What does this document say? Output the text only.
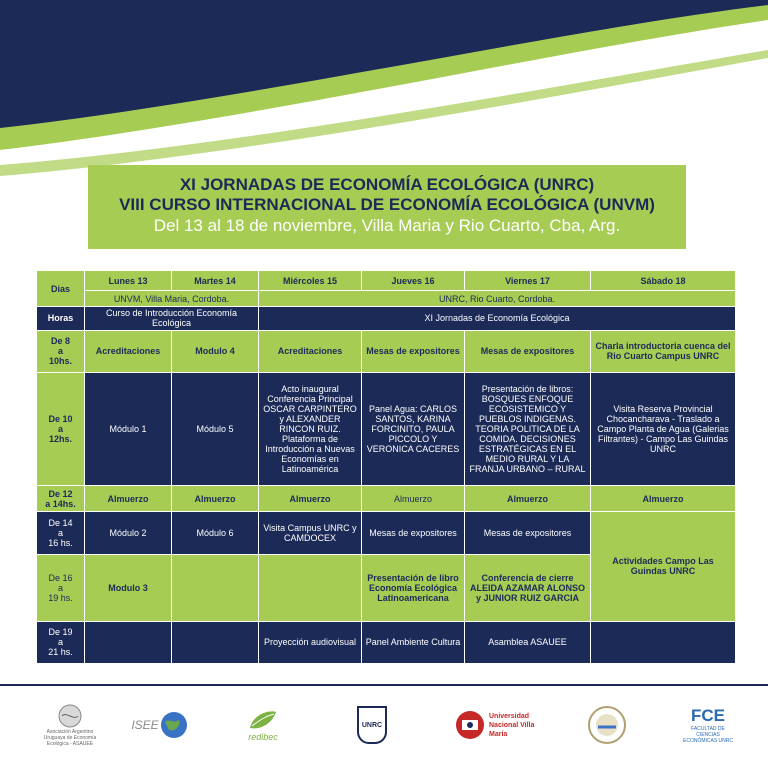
XI JORNADAS DE ECONOMÍA ECOLÓGICA (UNRC)
VIII CURSO INTERNACIONAL DE ECONOMÍA ECOLÓGICA (UNVM)
Del 13 al 18 de noviembre, Villa Maria y Rio Cuarto, Cba, Arg.
Dias	Lunes 13	Martes 14	Miércoles 15	Jueves 16	Viernes 17	Sábado 18
	UNVM, Villa Maria, Cordoba.		UNRC, Rio Cuarto, Cordoba.			
Horas	Curso de Introducción Economía Ecológica		XI Jornadas de Economía Ecológica			
De 8
a
10hs.	Acreditaciones	Modulo 4	Acreditaciones	Mesas de expositores	Mesas de expositores	Charla introductoria cuenca del Rio Cuarto Campus UNRC
De 10
a
12hs.	Módulo 1	Módulo 5	Acto inaugural Conferencia Principal OSCAR CARPINTERO y ALEXANDER RINCON RUIZ. Plataforma de Introducción a Nuevas Economías en Latinoamérica	Panel Agua: CARLOS SANTOS, KARINA FORCINITO, PAULA PICCOLO Y VERONICA CACERES	Presentación de libros: BOSQUES ENFOQUE ECOSISTEMICO Y PUEBLOS INDIGENAS. TEORIA POLITICA DE LA COMIDA. DECISIONES ESTRATÉGICAS EN EL MEDIO RURAL Y LA FRANJA URBANO – RURAL	Visita Reserva Provincial Chocancharava - Traslado a Campo Planta de Agua (Galerias Filtrantes) - Campo Las Guindas UNRC
De 12
a 14hs.	Almuerzo	Almuerzo	Almuerzo	Almuerzo	Almuerzo	Almuerzo
De 14
a
16 hs.	Módulo 2	Módulo 6	Visita Campus UNRC y CAMDOCEX	Mesas de expositores	Mesas de expositores	Actividades Campo Las Guindas UNRC
De 16
a
19 hs.	Modulo 3			Presentación de libro Economía Ecológica Latinoamericana	Conferencia de cierre ALEIDA AZAMAR ALONSO y JUNIOR RUIZ GARCIA	
De 19
a
21 hs.			Proyección audiovisual	Panel Ambiente Cultura	Asamblea ASAUEE	
Asociación Argentino Uruguaya de Economía Ecológica - ASAUEE
ISEE
redibec
UNRC
Universidad Nacional Villa María
FCE
FACULTAD DE CIENCIAS ECONÓMICAS UNRC
